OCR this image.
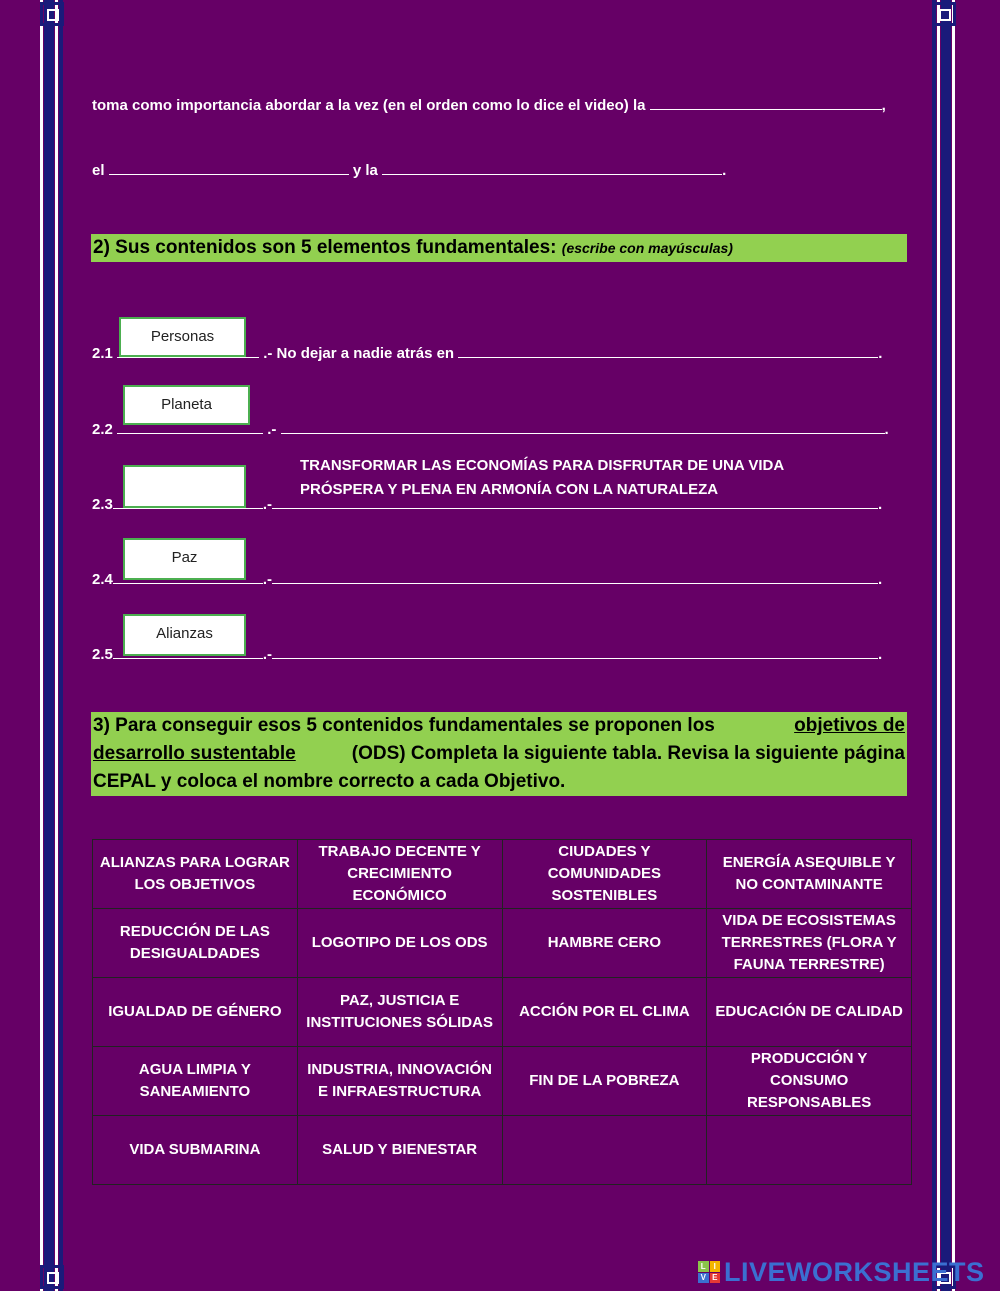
toma como importancia abordar a la vez (en el orden como lo dice el video) la	,
el	y la	.
2) Sus contenidos son 5 elementos fundamentales: (escribe con mayúsculas)
Personas
2.1	.- No dejar a nadie atrás en	.
Planeta
2.2	.-	.
TRANSFORMAR LAS ECONOMÍAS PARA DISFRUTAR DE UNA VIDA
PRÓSPERA Y PLENA EN ARMONÍA CON LA NATURALEZA
2.3	.-	.
Paz
2.4	.-	.
Alianzas
2.5	.-	.
3) Para conseguir esos 5 contenidos fundamentales se proponen los	objetivos de
desarrollo sustentable	(ODS) Completa la siguiente tabla. Revisa la siguiente página
CEPAL y coloca el nombre correcto a cada Objetivo.
ALIANZAS PARA LOGRAR LOS OBJETIVOS	TRABAJO DECENTE Y CRECIMIENTO ECONÓMICO	CIUDADES Y COMUNIDADES SOSTENIBLES	ENERGÍA ASEQUIBLE Y NO CONTAMINANTE
REDUCCIÓN DE LAS DESIGUALDADES	LOGOTIPO DE LOS ODS	HAMBRE CERO	VIDA DE ECOSISTEMAS TERRESTRES (FLORA Y FAUNA TERRESTRE)
IGUALDAD DE GÉNERO	PAZ, JUSTICIA E INSTITUCIONES SÓLIDAS	ACCIÓN POR EL CLIMA	EDUCACIÓN DE CALIDAD
AGUA LIMPIA Y SANEAMIENTO	INDUSTRIA, INNOVACIÓN E INFRAESTRUCTURA	FIN DE LA POBREZA	PRODUCCIÓN Y CONSUMO RESPONSABLES
VIDA SUBMARINA	SALUD Y BIENESTAR		
L I
V E LIVEWORKSHEETS
